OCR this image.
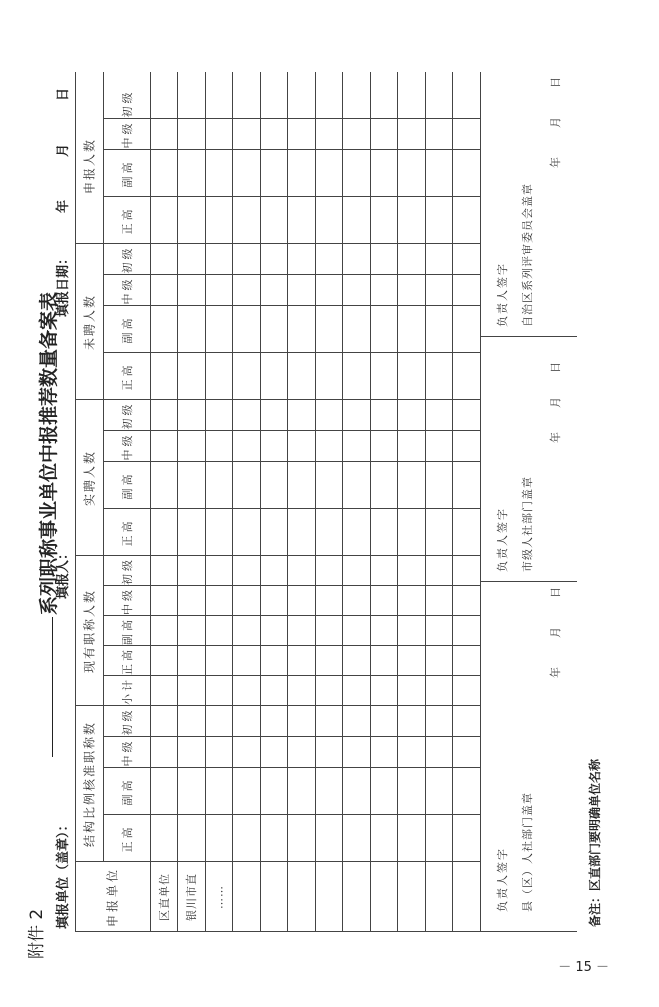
附件 2
系列职称事业单位中报推荐数量备案表
填报单位（盖章）：
填报人：
填报日期：
年
月
日
申报单位
结构比例核准职称数
现有职称人数
实聘人数
未聘人数
申报人数
正高
副高
中级
初级
小计
正高
副高
中级
初级
正高
副高
中级
初级
正高
副高
中级
初级
正高
副高
中级
初级
区直单位 银川市直 ……	负责人签字 县（区）人社部门盖章
年
月
日
负责人签字 市级人社部门盖章
年
月
日
负责人签字 自治区系列评审委员会盖章
年
月
日
备注：区直部门要明确单位名称
－ 15 －
